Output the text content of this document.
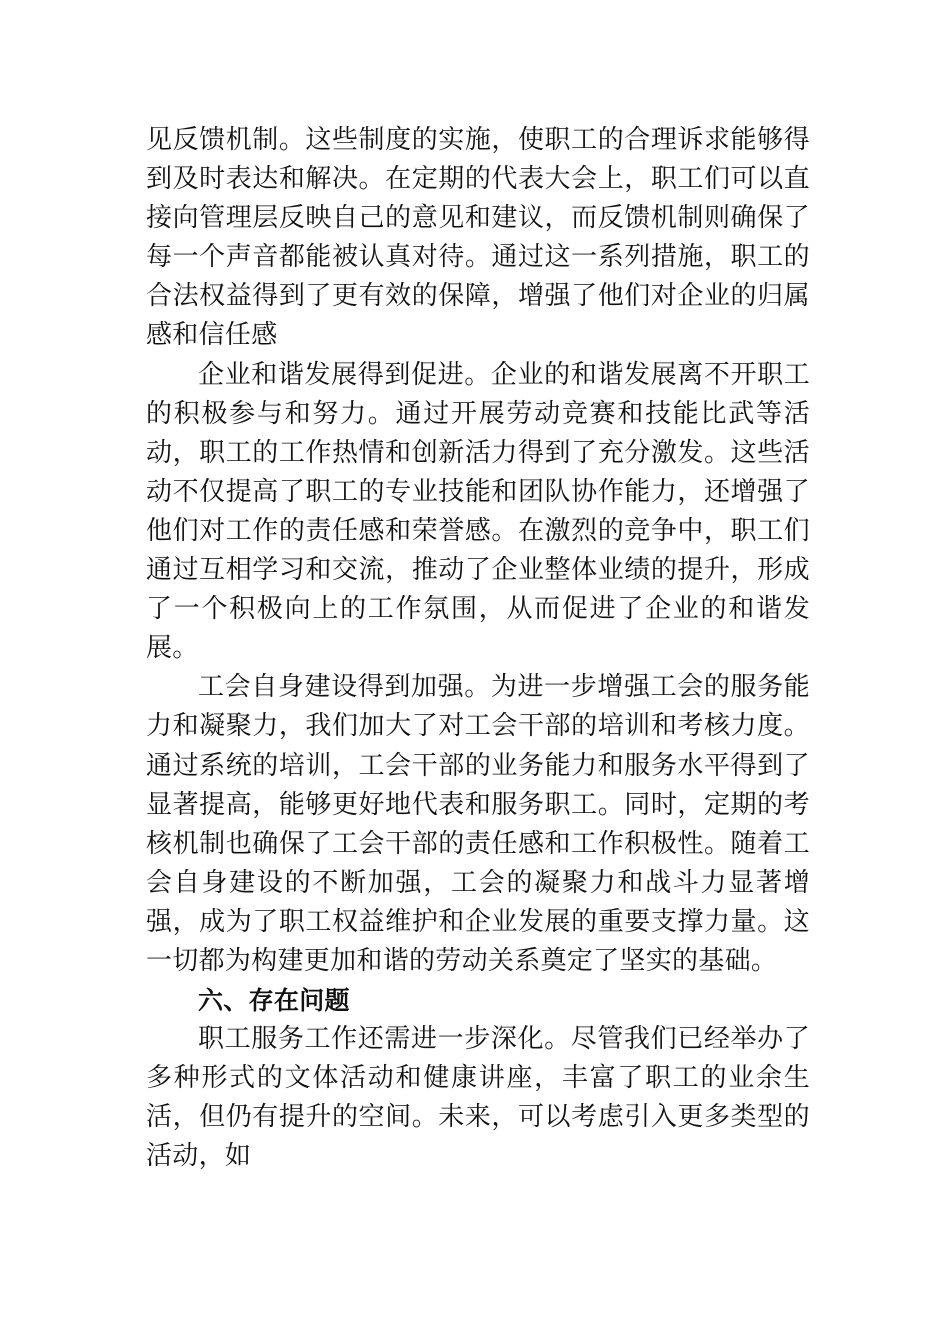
见反馈机制。这些制度的实施，使职工的合理诉求能够得到及时表达和解决。在定期的代表大会上，职工们可以直接向管理层反映自己的意见和建议，而反馈机制则确保了每一个声音都能被认真对待。通过这一系列措施，职工的合法权益得到了更有效的保障，增强了他们对企业的归属感和信任感

企业和谐发展得到促进。企业的和谐发展离不开职工的积极参与和努力。通过开展劳动竞赛和技能比武等活动，职工的工作热情和创新活力得到了充分激发。这些活动不仅提高了职工的专业技能和团队协作能力，还增强了他们对工作的责任感和荣誉感。在激烈的竞争中，职工们通过互相学习和交流，推动了企业整体业绩的提升，形成了一个积极向上的工作氛围，从而促进了企业的和谐发展。

工会自身建设得到加强。为进一步增强工会的服务能力和凝聚力，我们加大了对工会干部的培训和考核力度。通过系统的培训，工会干部的业务能力和服务水平得到了显著提高，能够更好地代表和服务职工。同时，定期的考核机制也确保了工会干部的责任感和工作积极性。随着工会自身建设的不断加强，工会的凝聚力和战斗力显著增强，成为了职工权益维护和企业发展的重要支撑力量。这一切都为构建更加和谐的劳动关系奠定了坚实的基础。

六、存在问题

职工服务工作还需进一步深化。尽管我们已经举办了多种形式的文体活动和健康讲座，丰富了职工的业余生活，但仍有提升的空间。未来，可以考虑引入更多类型的活动，如
